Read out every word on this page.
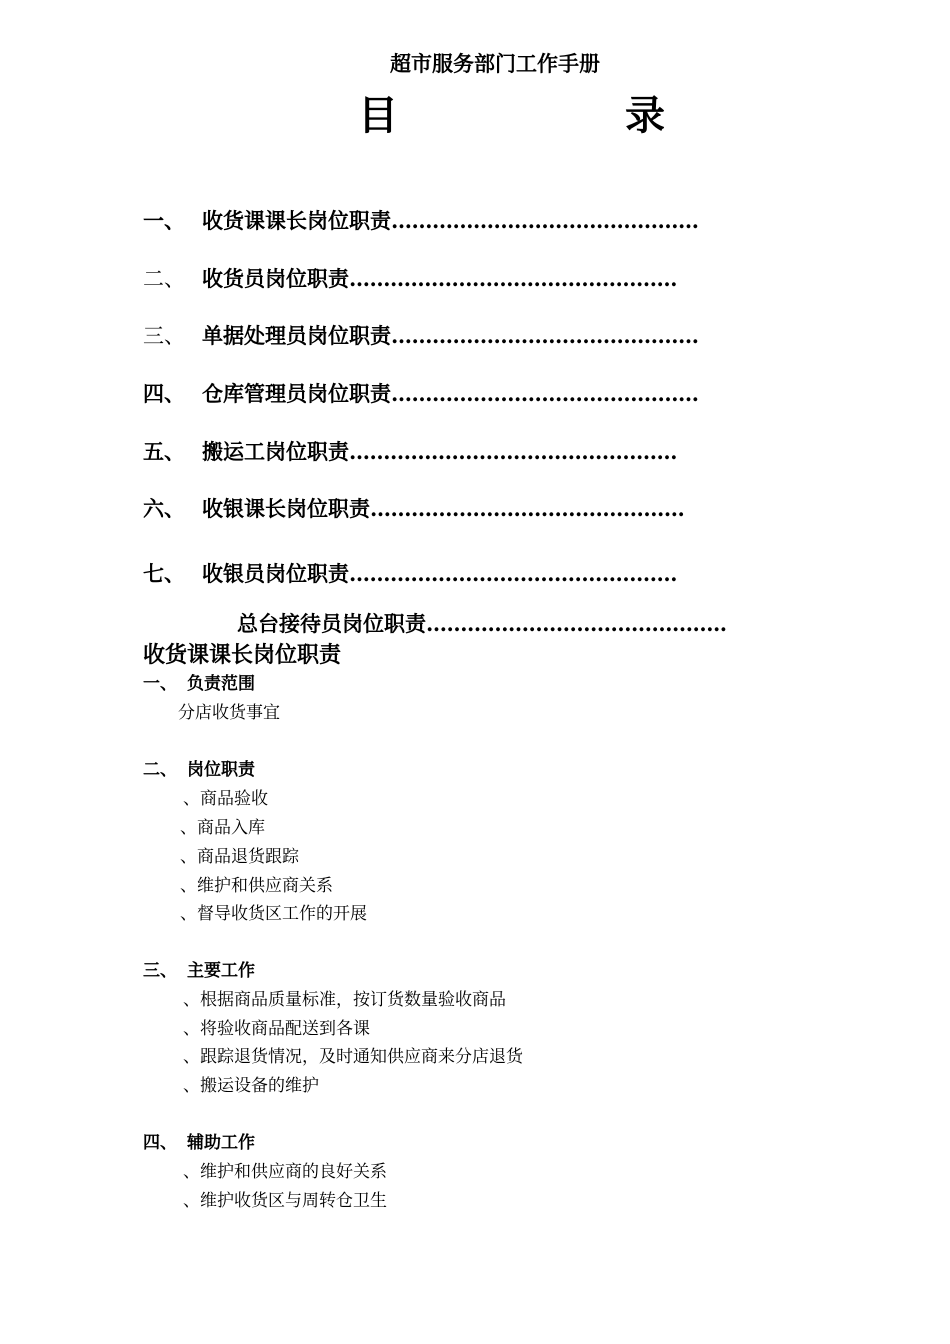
超市服务部门工作手册
目	录
一、 收货课课长岗位职责………………………………………
二、 收货员岗位职责…………………………………………
三、 单据处理员岗位职责………………………………………
四、 仓库管理员岗位职责………………………………………
五、 搬运工岗位职责…………………………………………
六、 收银课长岗位职责……………………………………….
七、 收银员岗位职责…………………………………………
总台接待员岗位职责……………………………………..
收货课课长岗位职责
一、 负责范围
分店收货事宜
二、 岗位职责
、商品验收
、商品入库
、商品退货跟踪
、维护和供应商关系
、督导收货区工作的开展
三、 主要工作
、根据商品质量标准，按订货数量验收商品
、将验收商品配送到各课
、跟踪退货情况，及时通知供应商来分店退货
、搬运设备的维护
四、 辅助工作
、维护和供应商的良好关系
、维护收货区与周转仓卫生
